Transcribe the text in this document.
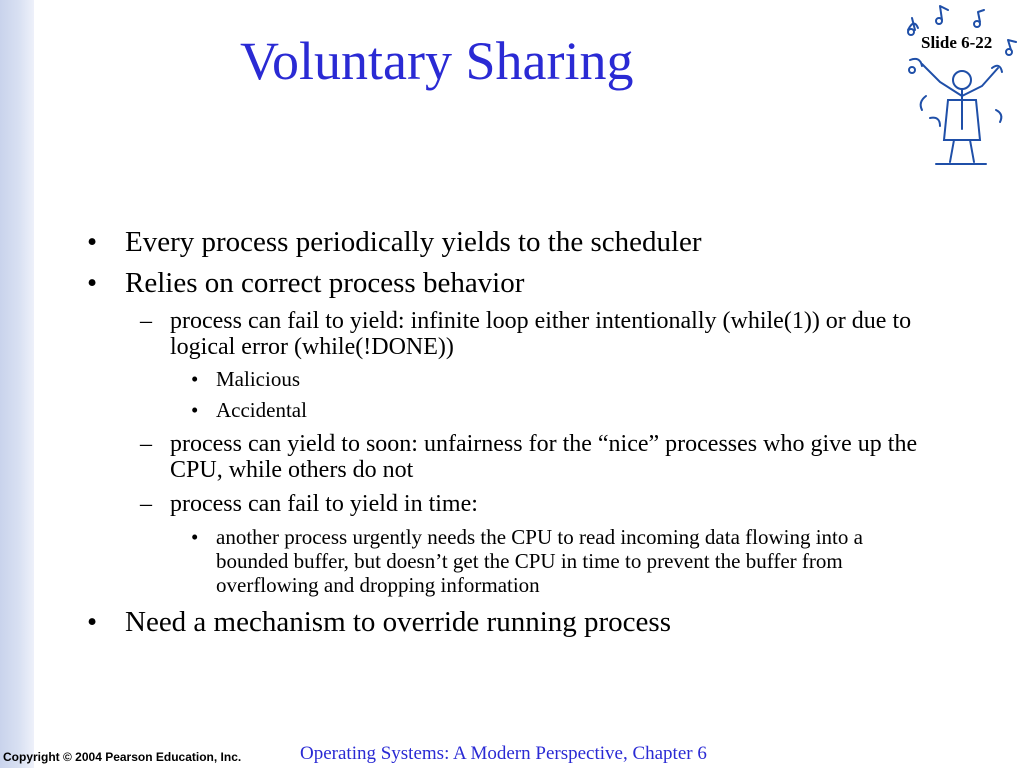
Voluntary Sharing	Slide 6-22
• Every process periodically yields to the scheduler
• Relies on correct process behavior
– process can fail to yield: infinite loop either intentionally (while(1)) or due to logical error (while(!DONE))
• Malicious
• Accidental
– process can yield to soon: unfairness for the “nice” processes who give up the CPU, while others do not
– process can fail to yield in time:
• another process urgently needs the CPU to read incoming data flowing into a bounded buffer, but doesn’t get the CPU in time to prevent the buffer from overflowing and dropping information
• Need a mechanism to override running process
Copyright © 2004 Pearson Education, Inc.	Operating Systems: A Modern Perspective, Chapter 6
